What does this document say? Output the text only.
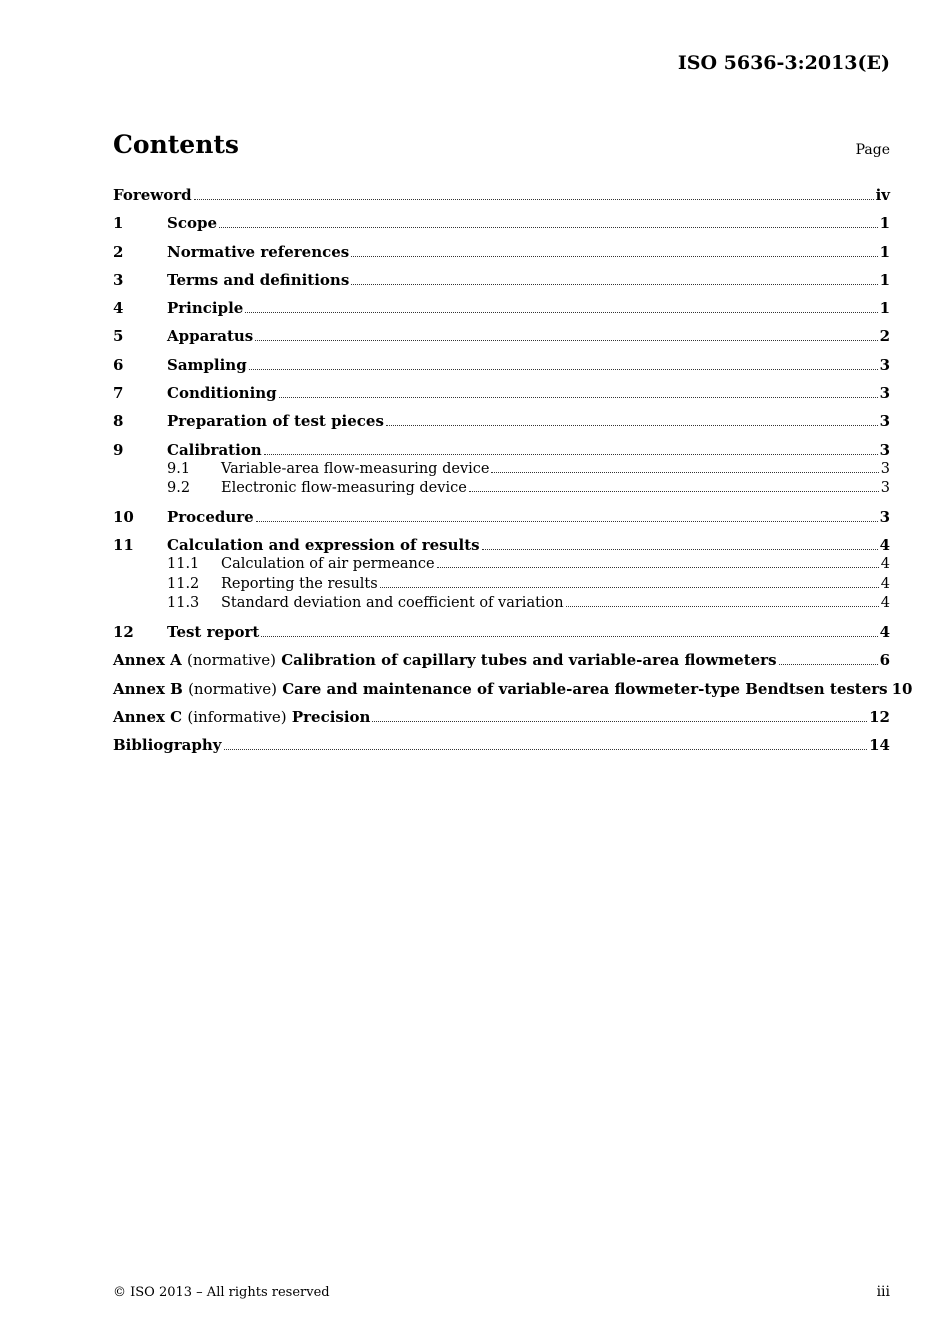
ISO 5636-3:2013(E)
Contents	Page
Foreword	iv
1	Scope	1
2	Normative references	1
3	Terms and definitions	1
4	Principle	1
5	Apparatus	2
6	Sampling	3
7	Conditioning	3
8	Preparation of test pieces	3
9	Calibration	3
9.1	Variable-area flow-measuring device	3
9.2	Electronic flow-measuring device	3
10	Procedure	3
11	Calculation and expression of results	4
11.1	Calculation of air permeance	4
11.2	Reporting the results	4
11.3	Standard deviation and coefficient of variation	4
12	Test report	4
Annex A (normative) Calibration of capillary tubes and variable-area flowmeters	6
Annex B (normative) Care and maintenance of variable-area flowmeter-type Bendtsen testers 10
Annex C (informative) Precision	12
Bibliography	14
© ISO 2013 – All rights reserved	iii
